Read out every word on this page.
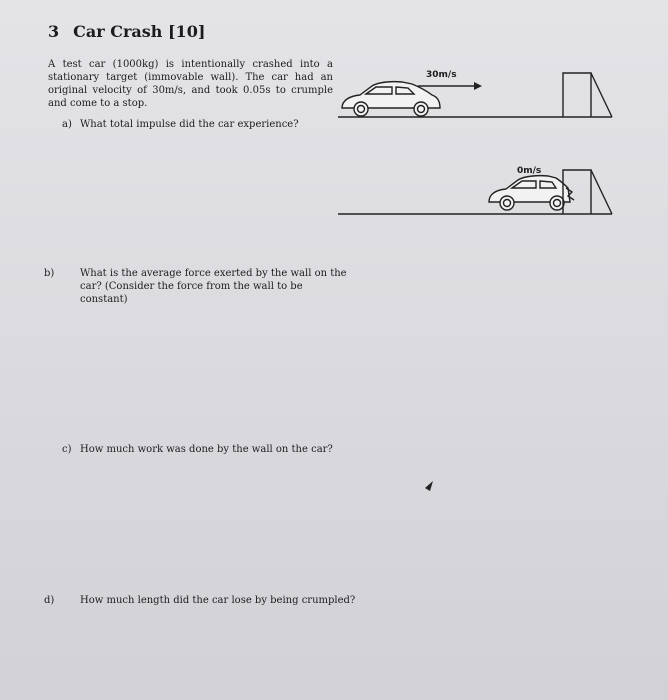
3 Car Crash [10]
A test car (1000kg) is intentionally crashed into a stationary target (immovable wall). The car had an original velocity of 30m/s, and took 0.05s to crumple and come to a stop.
a) What total impulse did the car experience?
b)	What is the average force exerted by the wall on the car? (Consider the force from the wall to be constant)
c) How much work was done by the wall on the car?
d)	How much length did the car lose by being crumpled?
30m/s
0m/s
